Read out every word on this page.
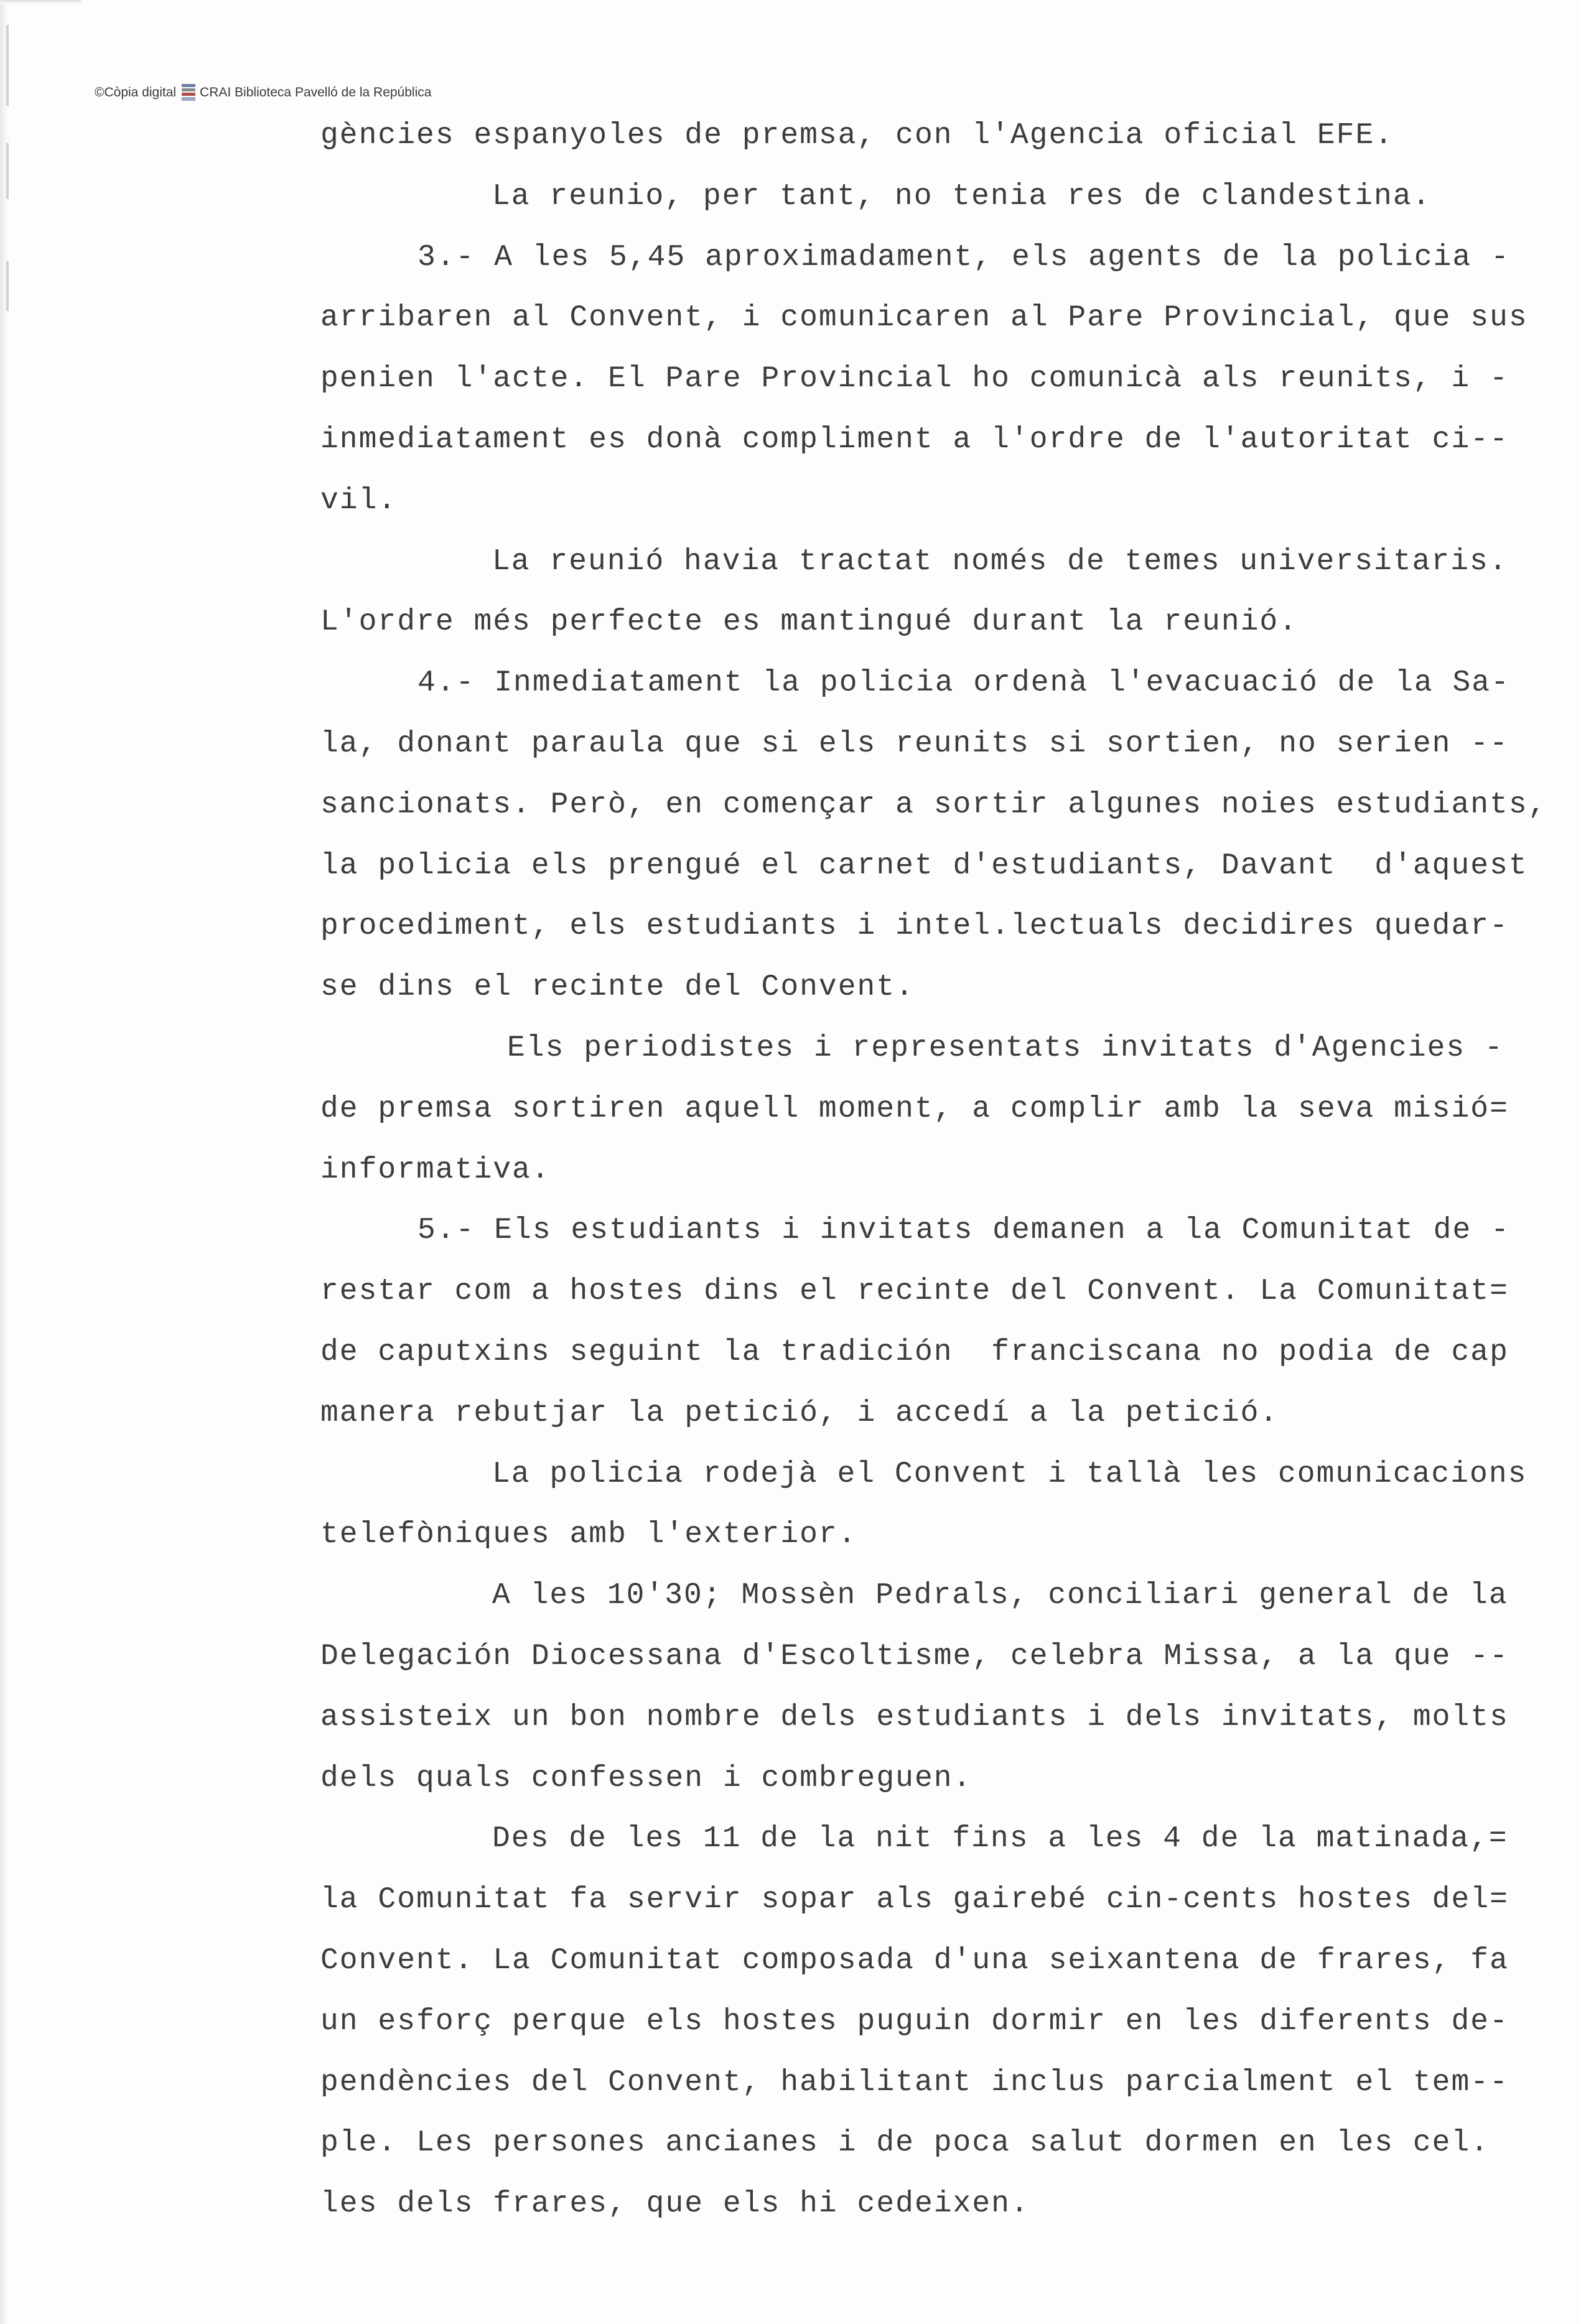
©Còpia digital CRAI Biblioteca Pavelló de la República
gències espanyoles de premsa, con l'Agencia oficial EFE.
La reunio, per tant, no tenia res de clandestina.
3.- A les 5,45 aproximadament, els agents de la policia -
arribaren al Convent, i comunicaren al Pare Provincial, que sus
penien l'acte. El Pare Provincial ho comunicà als reunits, i -
inmediatament es donà compliment a l'ordre de l'autoritat ci--
vil.
La reunió havia tractat només de temes universitaris.
L'ordre més perfecte es mantingué durant la reunió.
4.- Inmediatament la policia ordenà l'evacuació de la Sa-
la, donant paraula que si els reunits si sortien, no serien --
sancionats. Però, en començar a sortir algunes noies estudiants,
la policia els prengué el carnet d'estudiants, Davant  d'aquest
procediment, els estudiants i intel.lectuals decidires quedar-
se dins el recinte del Convent.
Els periodistes i representats invitats d'Agencies -
de premsa sortiren aquell moment, a complir amb la seva misió=
informativa.
5.- Els estudiants i invitats demanen a la Comunitat de -
restar com a hostes dins el recinte del Convent. La Comunitat=
de caputxins seguint la tradición  franciscana no podia de cap
manera rebutjar la petició, i accedí a la petició.
La policia rodejà el Convent i tallà les comunicacions
telefòniques amb l'exterior.
A les 10'30; Mossèn Pedrals, conciliari general de la
Delegación Diocessana d'Escoltisme, celebra Missa, a la que --
assisteix un bon nombre dels estudiants i dels invitats, molts
dels quals confessen i combreguen.
Des de les 11 de la nit fins a les 4 de la matinada,=
la Comunitat fa servir sopar als gairebé cin-cents hostes del=
Convent. La Comunitat composada d'una seixantena de frares, fa
un esforç perque els hostes puguin dormir en les diferents de-
pendències del Convent, habilitant inclus parcialment el tem--
ple. Les persones ancianes i de poca salut dormen en les cel.
les dels frares, que els hi cedeixen.
